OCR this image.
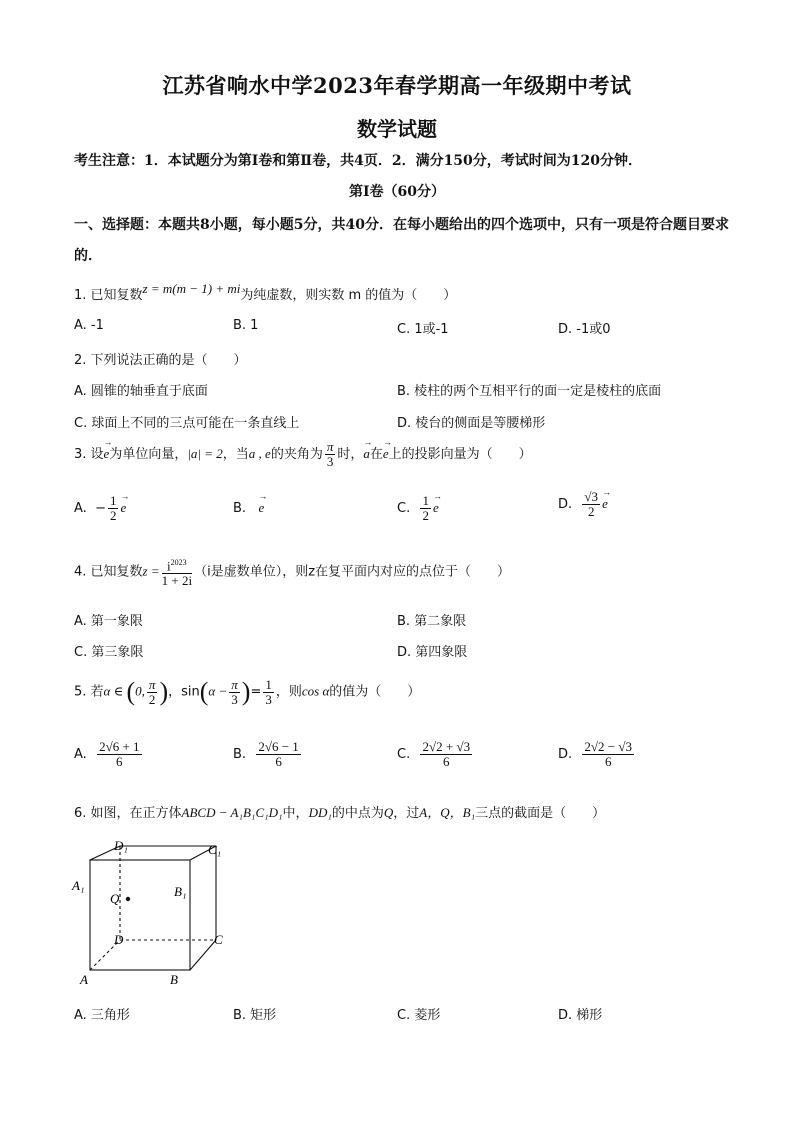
江苏省响水中学2023年春学期高一年级期中考试
数学试题
考生注意：1．本试题分为第Ⅰ卷和第Ⅱ卷，共4页．2．满分150分，考试时间为120分钟．
第Ⅰ卷（60分）
一、选择题：本题共8小题，每小题5分，共40分．在每小题给出的四个选项中，只有一项是符合题目要求的．
1. 已知复数z = m(m − 1) + mi为纯虚数，则实数 m 的值为（　　）
A. -1	B. 1	C. 1或-1	D. -1或0
2. 下列说法正确的是（　　）
A. 圆锥的轴垂直于底面	B. 棱柱的两个互相平行的面一定是棱柱的底面
C. 球面上不同的三点可能在一条直线上	D. 棱台的侧面是等腰梯形
3. 设→ e为单位向量，|a| = 2，当a , e的夹角为 $\frac{\pi}{3}$ 时，→ a在→ e上的投影向量为（　　）
A. − $\frac{1}{2}$
→ e	B.   → e	C. $\frac{1}{2}$
→ e	D. $\frac{√3}{2}$
→ e
4. 已知复数$z = \frac{i^{2023}}{1 + 2i} (i$是虚数单位），则z在复平面内对应的点位于（　　）
A. 第一象限	B. 第二象限
C. 第三象限	D. 第四象限
5. 若α ∈ (0, $\frac{\pi}{2}$ )，$\sin(\alpha - \frac{\pi}{3}$ )= $\frac{1}{3}$ ，则cos α的值为（　　）
A. $\frac{2√6 + 1}{6}$	B. $\frac{2√6 - 1}{6}$	C. $\frac{2√2 + √3}{6}$	D. $\frac{2√2 - √3}{6}$
6. 如图，在正方体ABCD − A₁B₁C₁D₁中，DD₁的中点为Q，过A，Q，B₁三点的截面是（　　）
D₁	C₁
A₁	B₁
Q
D	C
A	B
A. 三角形	B. 矩形	C. 菱形	D. 梯形
